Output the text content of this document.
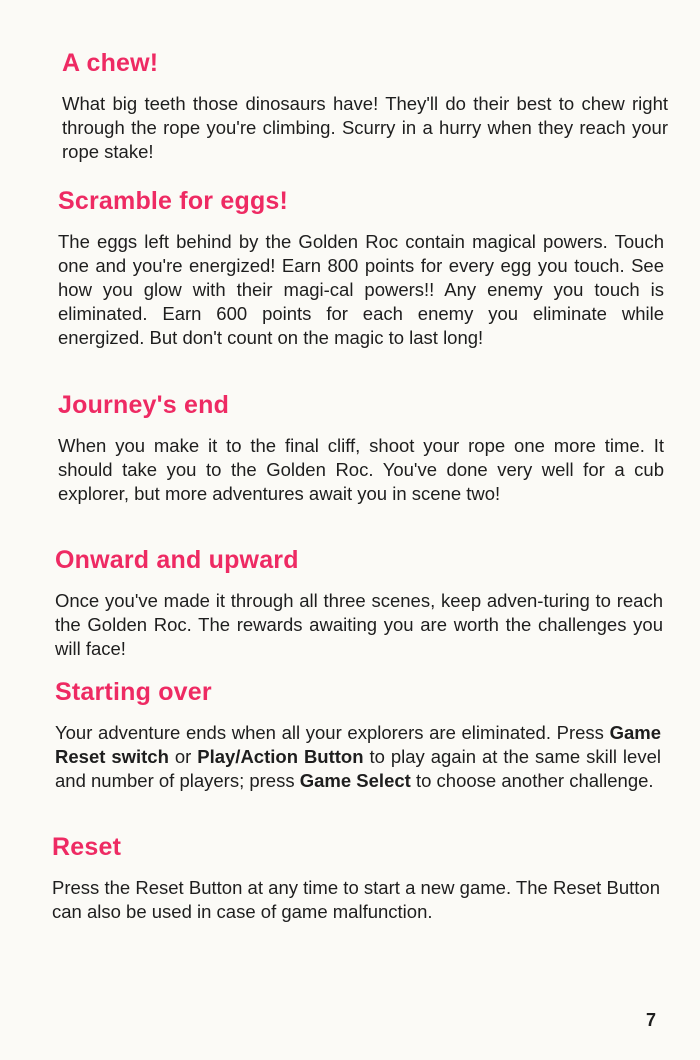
A chew!

What big teeth those dinosaurs have! They'll do their best to chew right through the rope you're climbing. Scurry in a hurry when they reach your rope stake!

Scramble for eggs!

The eggs left behind by the Golden Roc contain magical powers. Touch one and you're energized! Earn 800 points for every egg you touch. See how you glow with their magi-cal powers!! Any enemy you touch is eliminated. Earn 600 points for each enemy you eliminate while energized. But don't count on the magic to last long!

Journey's end

When you make it to the final cliff, shoot your rope one more time. It should take you to the Golden Roc. You've done very well for a cub explorer, but more adventures await you in scene two!

Onward and upward

Once you've made it through all three scenes, keep adven-turing to reach the Golden Roc. The rewards awaiting you are worth the challenges you will face!

Starting over

Your adventure ends when all your explorers are eliminated. Press Game Reset switch or Play/Action Button to play again at the same skill level and number of players; press Game Select to choose another challenge.

Reset

Press the Reset Button at any time to start a new game. The Reset Button can also be used in case of game malfunction.

7
